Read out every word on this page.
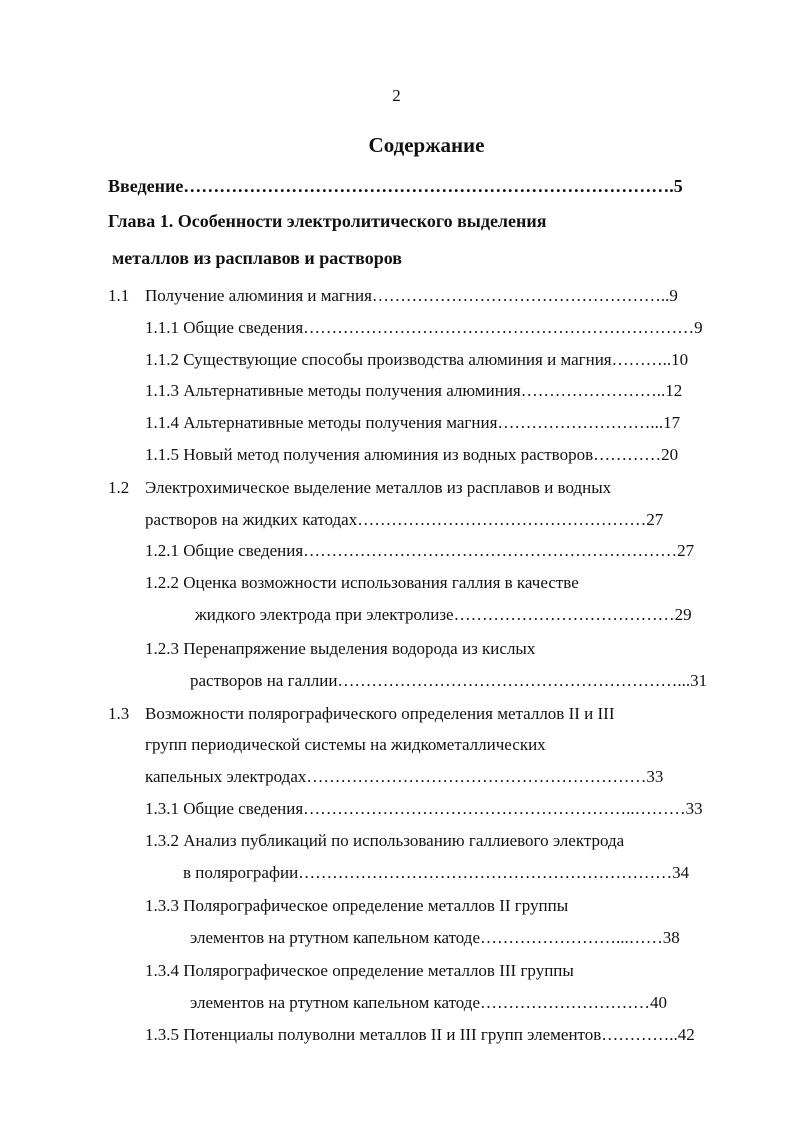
2
Содержание
Введение……………………………………………………………………….5
Глава 1. Особенности электролитического выделения
металлов из расплавов и растворов
1.1 Получение алюминия и магния……………………………………………..9
1.1.1 Общие сведения……………………………………………………………9
1.1.2 Существующие способы производства алюминия и магния………..10
1.1.3 Альтернативные методы получения алюминия……………………..12
1.1.4 Альтернативные методы получения магния………………………...17
1.1.5 Новый метод получения алюминия из водных растворов…………20
1.2 Электрохимическое выделение металлов из расплавов и водных
растворов на жидких катодах……………………………………………27
1.2.1 Общие сведения…………………………………………………………27
1.2.2 Оценка возможности использования галлия в качестве
жидкого электрода при электролизе…………………………………29
1.2.3 Перенапряжение выделения водорода из кислых
растворов на галлии……………………………………………………...31
1.3 Возможности полярографического определения металлов II и III
групп периодической системы на жидкометаллических
капельных электродах……………………………………………………33
1.3.1 Общие сведения…………………………………………………..………33
1.3.2 Анализ публикаций по использованию галлиевого электрода
в полярографии…………………………………………………………34
1.3.3 Полярографическое определение металлов II группы
элементов на ртутном капельном катоде……………………...……38
1.3.4 Полярографическое определение металлов III группы
элементов на ртутном капельном катоде…………………………40
1.3.5 Потенциалы полуволни металлов II и III групп элементов…………..42
